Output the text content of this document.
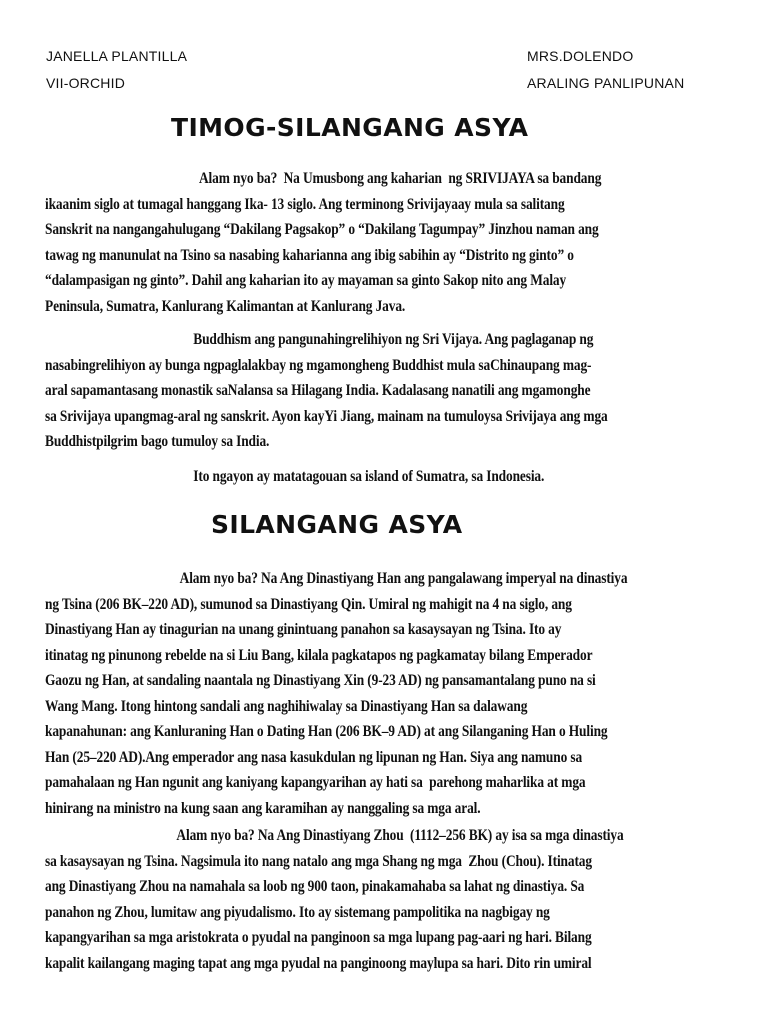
JANELLA PLANTILLA
VII-ORCHID
MRS.DOLENDO
ARALING PANLIPUNAN
TIMOG-SILANGANG ASYA
Alam nyo ba?  Na Umusbong ang kaharian  ng SRIVIJAYA sa bandang
ikaanim siglo at tumagal hanggang Ika- 13 siglo. Ang terminong Srivijayaay mula sa salitang
Sanskrit na nangangahulugang “Dakilang Pagsakop” o “Dakilang Tagumpay” Jinzhou naman ang
tawag ng manunulat na Tsino sa nasabing kaharianna ang ibig sabihin ay “Distrito ng ginto” o
“dalampasigan ng ginto”. Dahil ang kaharian ito ay mayaman sa ginto Sakop nito ang Malay
Peninsula, Sumatra, Kanlurang Kalimantan at Kanlurang Java.
Buddhism ang pangunahingrelihiyon ng Sri Vijaya. Ang paglaganap ng
nasabingrelihiyon ay bunga ngpaglalakbay ng mgamongheng Buddhist mula saChinaupang mag-
aral sapamantasang monastik saNalansa sa Hilagang India. Kadalasang nanatili ang mgamonghe
sa Srivijaya upangmag-aral ng sanskrit. Ayon kayYi Jiang, mainam na tumuloysa Srivijaya ang mga
Buddhistpilgrim bago tumuloy sa India.
Ito ngayon ay matatagouan sa island of Sumatra, sa Indonesia.
SILANGANG ASYA
Alam nyo ba? Na Ang Dinastiyang Han ang pangalawang imperyal na dinastiya
ng Tsina (206 BK–220 AD), sumunod sa Dinastiyang Qin. Umiral ng mahigit na 4 na siglo, ang
Dinastiyang Han ay tinagurian na unang ginintuang panahon sa kasaysayan ng Tsina. Ito ay
itinatag ng pinunong rebelde na si Liu Bang, kilala pagkatapos ng pagkamatay bilang Emperador
Gaozu ng Han, at sandaling naantala ng Dinastiyang Xin (9-23 AD) ng pansamantalang puno na si
Wang Mang. Itong hintong sandali ang naghihiwalay sa Dinastiyang Han sa dalawang
kapanahunan: ang Kanluraning Han o Dating Han (206 BK–9 AD) at ang Silanganing Han o Huling
Han (25–220 AD).Ang emperador ang nasa kasukdulan ng lipunan ng Han. Siya ang namuno sa
pamahalaan ng Han ngunit ang kaniyang kapangyarihan ay hati sa  parehong maharlika at mga
hinirang na ministro na kung saan ang karamihan ay nanggaling sa mga aral.
Alam nyo ba? Na Ang Dinastiyang Zhou  (1112–256 BK) ay isa sa mga dinastiya
sa kasaysayan ng Tsina. Nagsimula ito nang natalo ang mga Shang ng mga  Zhou (Chou). Itinatag
ang Dinastiyang Zhou na namahala sa loob ng 900 taon, pinakamahaba sa lahat ng dinastiya. Sa
panahon ng Zhou, lumitaw ang piyudalismo. Ito ay sistemang pampolitika na nagbigay ng
kapangyarihan sa mga aristokrata o pyudal na panginoon sa mga lupang pag-aari ng hari. Bilang
kapalit kailangang maging tapat ang mga pyudal na panginoong maylupa sa hari. Dito rin umiral
